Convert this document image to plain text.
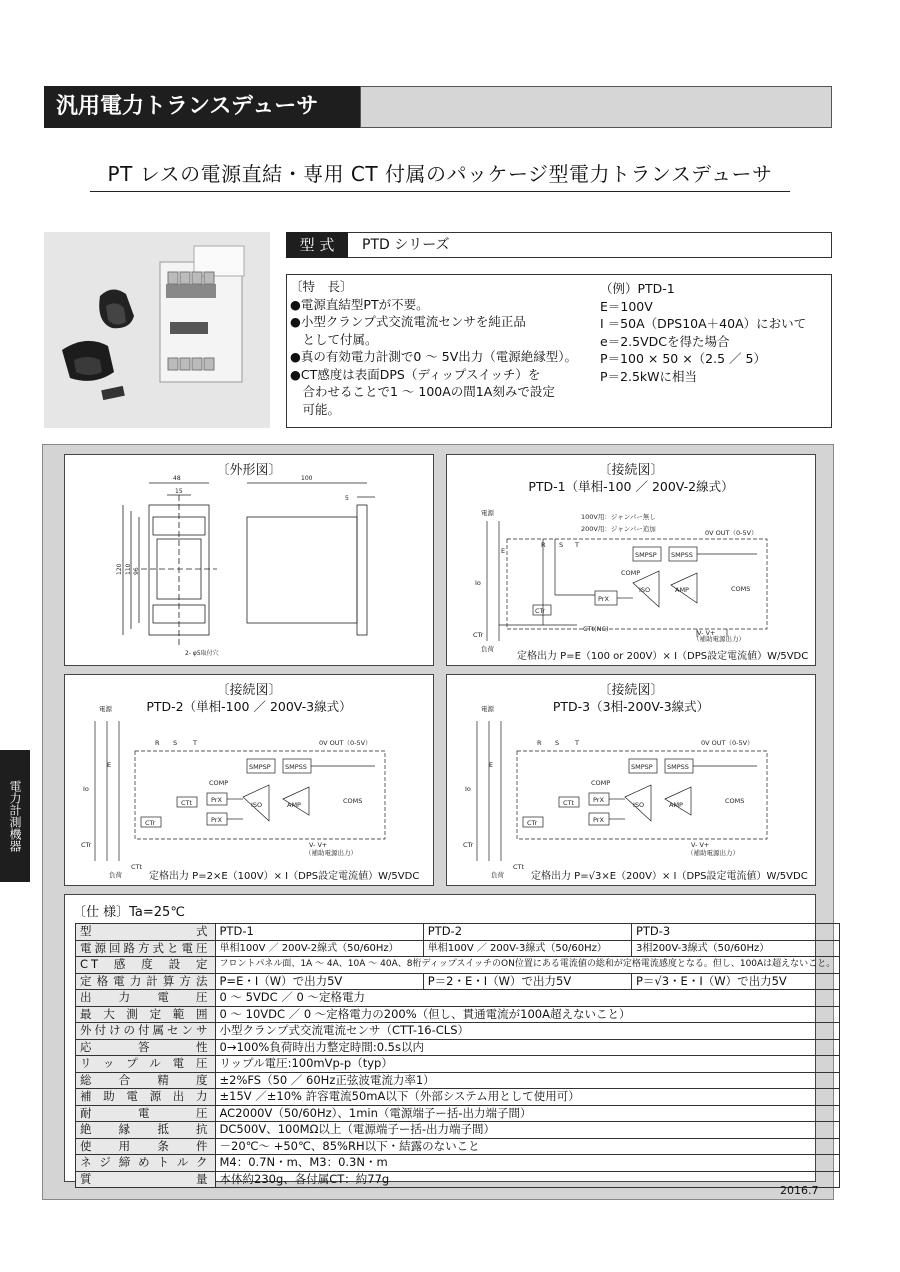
汎用電力トランスデューサ
PT レスの電源直結・専用 CT 付属のパッケージ型電力トランスデューサ
型 式	PTD シリーズ
〔特　長〕
●電源直結型PTが不要。
●小型クランプ式交流電流センサを純正品
　として付属。
●真の有効電力計測で0 ～ 5V出力（電源絶縁型）。
●CT感度は表面DPS（ディップスイッチ）を
　合わせることで1 ～ 100Aの間1A刻みで設定
　可能。
（例）PTD-1
E＝100V
I ＝50A（DPS10A＋40A）において
e＝2.5VDCを得た場合
P＝100 × 50 ×（2.5 ／ 5）
P＝2.5kWに相当
〔外形図〕
48
15
100
5
120 110 96
2- φ5取付穴
〔接続図〕
PTD-1（単相-100 ／ 200V-2線式）
電源	100V用：ジャンパー無し
200V用：ジャンパー追加
E
Io
CTr
負荷
R S T
0V OUT（0-5V）
SMPSP SMPSS
COMP
COMS
PrX
ISO	AMP
CTr
CTt(NC)	V- V+
（補助電源出力）
定格出力 P=E（100 or 200V）× I（DPS設定電流値）W/5VDC
〔接続図〕
PTD-2（単相-100 ／ 200V-3線式）
電源
E
Io
CTr
CTt
負荷
R S T	0V OUT（0-5V）
SMPSP SMPSS
COMP
COMS
PrX
PrX
ISO	AMP
CTt
CTr
V- V+
（補助電源出力）
定格出力 P=2×E（100V）× I（DPS設定電流値）W/5VDC
〔接続図〕
PTD-3（3相-200V-3線式）
電源
E
Io
CTr
CTt
負荷
R S T	0V OUT（0-5V）
SMPSP SMPSS
COMP
COMS
PrX
PrX
ISO	AMP
CTt
CTr
V- V+
（補助電源出力）
定格出力 P=√3×E（200V）× I（DPS設定電流値）W/5VDC
〔仕 様〕Ta=25℃
型式	PTD-1	PTD-2	PTD-3
電源回路方式と電圧	単相100V ／ 200V-2線式（50/60Hz）	単相100V ／ 200V-3線式（50/60Hz）	3相200V-3線式（50/60Hz）
CT感度設定	フロントパネル面、1A ～ 4A、10A ～ 40A、8桁ディップスイッチのON位置にある電流値の総和が定格電流感度となる。但し、100Aは超えないこと。		
定格電力計算方法	P=E・I（W）で出力5V	P＝2・E・I（W）で出力5V	P＝√3・E・I（W）で出力5V
出力電圧	0 ～ 5VDC ／ 0 ～定格電力		
最大測定範囲	0 ～ 10VDC ／ 0 ～定格電力の200%（但し、貫通電流が100A超えないこと）		
外付けの付属センサ	小型クランプ式交流電流センサ（CTT-16-CLS）		
応答性	0→100%負荷時出力整定時間:0.5s以内		
リップル電圧	リップル電圧:100mVp-p（typ）		
総合精度	±2%FS（50 ／ 60Hz正弦波電流力率1）		
補助電源出力	±15V ／±10% 許容電流50mA以下（外部システム用として使用可）		
耐電圧	AC2000V（50/60Hz）、1min（電源端子ー括-出力端子間）		
絶縁抵抗	DC500V、100MΩ以上（電源端子ー括-出力端子間）		
使用条件	－20℃～ +50℃、85%RH以下・結露のないこと		
ネジ締めトルク	M4：0.7N・m、M3：0.3N・m		
質量	本体約230g、各付属CT：約77g		
2016.7
電力計測機器
